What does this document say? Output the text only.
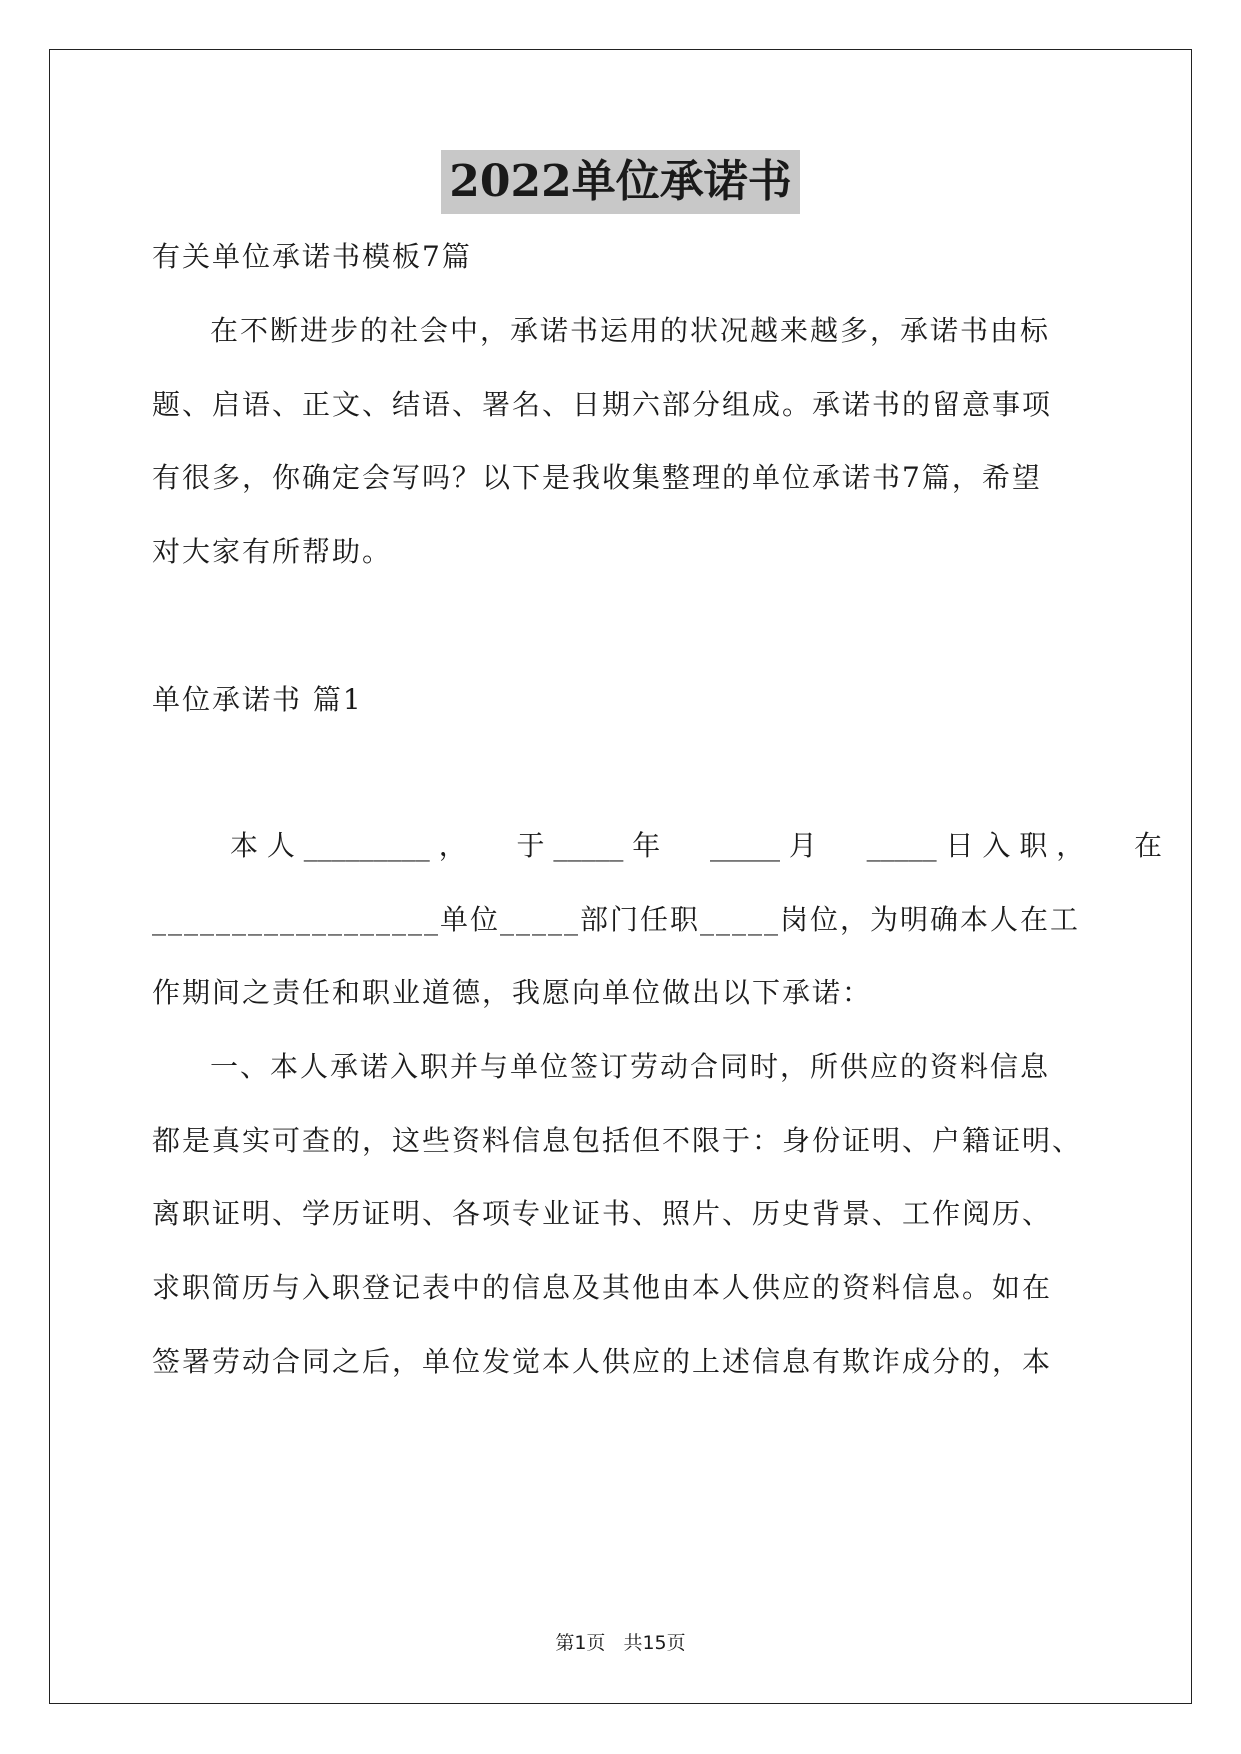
2022单位承诺书
有关单位承诺书模板7篇
在不断进步的社会中，承诺书运用的状况越来越多，承诺书由标
题、启语、正文、结语、署名、日期六部分组成。承诺书的留意事项
有很多，你确定会写吗？以下是我收集整理的单位承诺书7篇，希望
对大家有所帮助。
单位承诺书 篇1
本 人 _________ ， 于 _____ 年 _____ 月 _____ 日 入 职 ， 在
__________________单位_____部门任职_____岗位，为明确本人在工
作期间之责任和职业道德，我愿向单位做出以下承诺：
一、本人承诺入职并与单位签订劳动合同时，所供应的资料信息
都是真实可查的，这些资料信息包括但不限于：身份证明、户籍证明、
离职证明、学历证明、各项专业证书、照片、历史背景、工作阅历、
求职简历与入职登记表中的信息及其他由本人供应的资料信息。如在
签署劳动合同之后，单位发觉本人供应的上述信息有欺诈成分的，本
第1页 共15页
